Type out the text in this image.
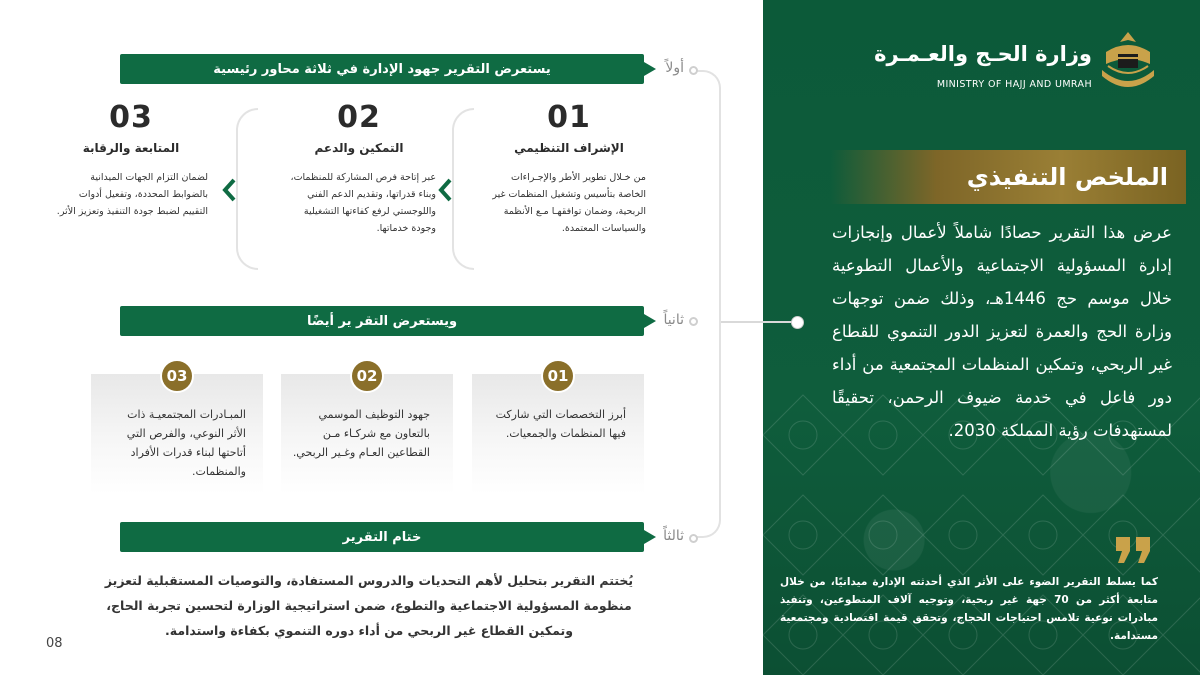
وزارة الحـج والعـمـرة
MINISTRY OF HAJJ AND UMRAH
الملخص التنفيذي
عرض هذا التقرير حصادًا شاملاً لأعمال وإنجازات إدارة المسؤولية الاجتماعية والأعمال التطوعية خلال موسم حج 1446هـ، وذلك ضمن توجهات وزارة الحج والعمرة لتعزيز الدور التنموي للقطاع غير الربحي، وتمكين المنظمات المجتمعية من أداء دور فاعل في خدمة ضيوف الرحمن، تحقيقًا لمستهدفات رؤية المملكة 2030.
كما يسلط التقرير الضوء على الأثر الذي أحدثته الإدارة ميدانيًا، من خلال متابعة أكثر من 70 جهة غير ربحية، وتوجيه آلاف المتطوعين، وتنفيذ مبادرات نوعية تلامس احتياجات الحجاج، وتحقق قيمة اقتصادية ومجتمعية مستدامة.
أولاً
ثانياً
ثالثاً
يستعرض التقرير جهود الإدارة في ثلاثة محاور رئيسية
01
الإشراف التنظيمي
من خـلال تطوير الأطر والإجـراءات الخاصة بتأسيس وتشغيل المنظمات غير الربحية، وضمان توافقهـا مـع الأنظمة والسياسات المعتمدة.
02
التمكين والدعم
عبر إتاحة فرص المشاركة للمنظمات، وبناء قدراتها، وتقديم الدعم الفني واللوجستي لرفع كفاءتها التشغيلية وجودة خدماتها.
03
المتابعة والرقابة
لضمان التزام الجهات الميدانية بالضوابط المحددة، وتفعيل أدوات التقييم لضبط جودة التنفيذ وتعزيز الأثر.
ويستعرض التقر ير أيضًا
01
02
03
أبرز التخصصات التي شاركت فيها المنظمات والجمعيات.
جهود التوظيف الموسمي بالتعاون مع شركـاء مـن القطاعين العـام وغـير الربحي.
المبـادرات المجتمعيـة ذات الأثر النوعي، والفرص التي أتاحتها لبناء قدرات الأفراد والمنظمات.
ختام التقرير
يُختتم التقرير بتحليل لأهم التحديات والدروس المستفادة، والتوصيات المستقبلية لتعزيز منظومة المسؤولية الاجتماعية والتطوع، ضمن استراتيجية الوزارة لتحسين تجربة الحاج، وتمكين القطاع غير الربحي من أداء دوره التنموي بكفاءة واستدامة.
08
